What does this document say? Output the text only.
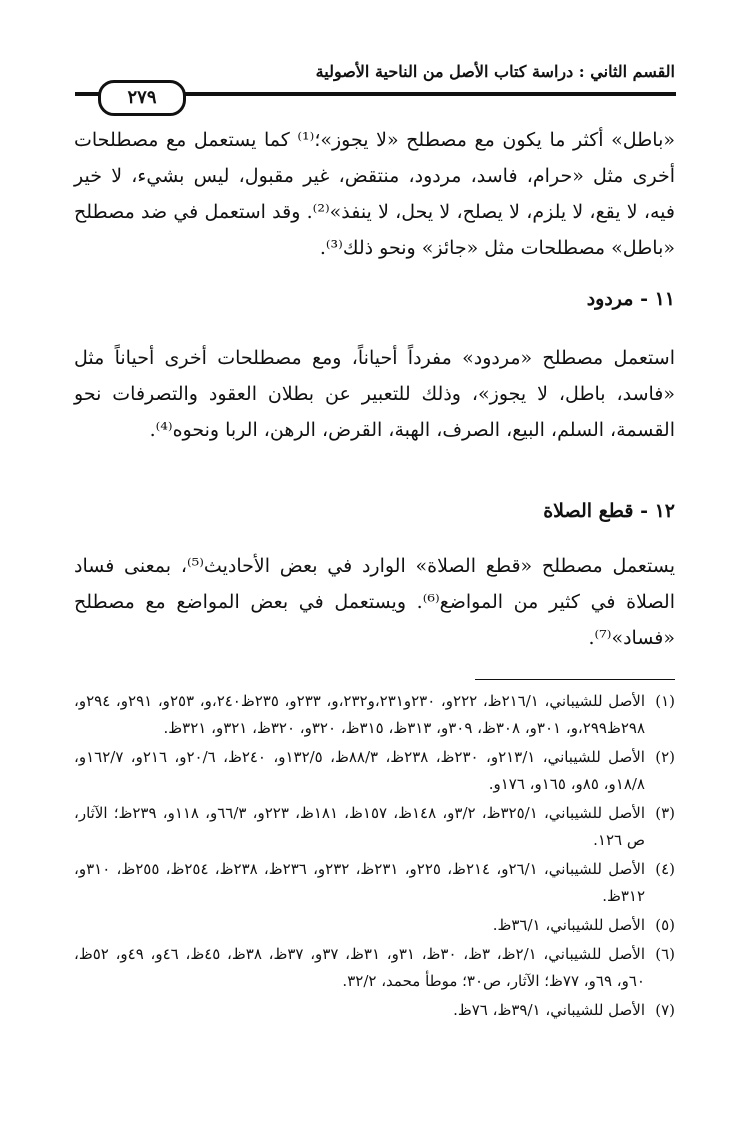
القسم الثاني : دراسة كتاب الأصل من الناحية الأصولية
٢٧٩
«باطل» أكثر ما يكون مع مصطلح «لا يجوز»؛⁽¹⁾ كما يستعمل مع مصطلحات أخرى مثل «حرام، فاسد، مردود، منتقض، غير مقبول، ليس بشيء، لا خير فيه، لا يقع، لا يلزم، لا يصلح، لا يحل، لا ينفذ»⁽²⁾. وقد استعمل في ضد مصطلح «باطل» مصطلحات مثل «جائز» ونحو ذلك⁽³⁾.
١١ - مردود
استعمل مصطلح «مردود» مفرداً أحياناً، ومع مصطلحات أخرى أحياناً مثل «فاسد، باطل، لا يجوز»، وذلك للتعبير عن بطلان العقود والتصرفات نحو القسمة، السلم، البيع، الصرف، الهبة، القرض، الرهن، الربا ونحوه⁽⁴⁾.
١٢ - قطع الصلاة
يستعمل مصطلح «قطع الصلاة» الوارد في بعض الأحاديث⁽⁵⁾، بمعنى فساد الصلاة في كثير من المواضع⁽⁶⁾. ويستعمل في بعض المواضع مع مصطلح «فساد»⁽⁷⁾.
(١)
الأصل للشيباني، ٢١٦/١ظ، ٢٢٢و، ٢٣٠و٢٣١،و٢٣٢،و، ٢٣٣و، ٢٣٥ظ٢٤٠،و، ٢٥٣و، ٢٩١و، ٢٩٤و، ٢٩٨ظ٢٩٩،و، ٣٠١و، ٣٠٨ظ، ٣٠٩و، ٣١٣ظ، ٣١٥ظ، ٣٢٠و، ٣٢٠ظ، ٣٢١و، ٣٢١ظ.
(٢)
الأصل للشيباني، ٢١٣/١و، ٢٣٠ظ، ٢٣٨ظ، ٨٨/٣ظ، ١٣٢/٥و، ٢٤٠ظ، ٢٠/٦و، ٢١٦و، ١٦٢/٧و، ١٨/٨و، ٨٥و، ١٦٥و، ١٧٦و.
(٣)
الأصل للشيباني، ٣٢٥/١ظ، ٣/٢و، ١٤٨ظ، ١٥٧ظ، ١٨١ظ، ٢٢٣و، ٦٦/٣و، ١١٨و، ٢٣٩ظ؛ الآثار، ص ١٢٦.
(٤)
الأصل للشيباني، ٢٦/١و، ٢١٤ظ، ٢٢٥و، ٢٣١ظ، ٢٣٢و، ٢٣٦ظ، ٢٣٨ظ، ٢٥٤ظ، ٢٥٥ظ، ٣١٠و، ٣١٢ظ.
(٥)
الأصل للشيباني، ٣٦/١ظ.
(٦)
الأصل للشيباني، ٢/١ظ، ٣ظ، ٣٠ظ، ٣١و، ٣١ظ، ٣٧و، ٣٧ظ، ٣٨ظ، ٤٥ظ، ٤٦و، ٤٩و، ٥٢ظ، ٦٠و، ٦٩و، ٧٧ظ؛ الآثار، ص٣٠؛ موطأ محمد، ٣٢/٢.
(٧)
الأصل للشيباني، ٣٩/١ظ، ٧٦ظ.
